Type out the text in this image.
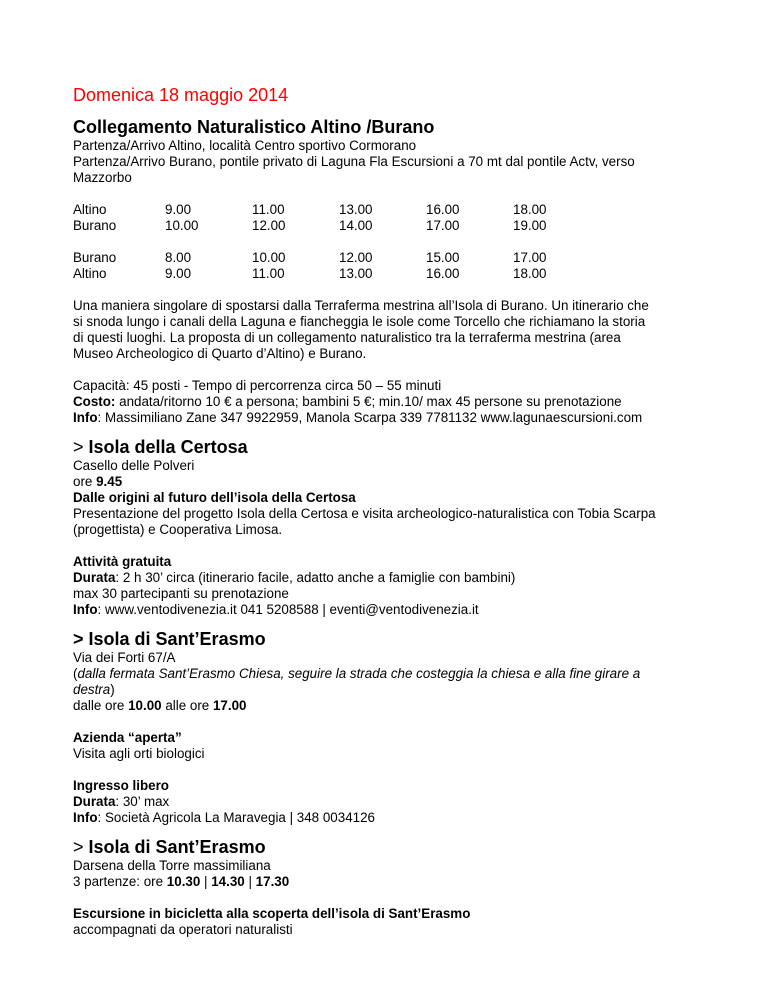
Domenica 18 maggio 2014
Collegamento Naturalistico Altino /Burano
Partenza/Arrivo Altino, località Centro sportivo Cormorano
Partenza/Arrivo Burano, pontile privato di Laguna Fla Escursioni a 70 mt dal pontile Actv, verso
Mazzorbo
Altino
Burano
9.00
10.00
11.00
12.00
13.00
14.00
16.00
17.00
18.00
19.00
Burano
Altino
8.00
9.00
10.00
11.00
12.00
13.00
15.00
16.00
17.00
18.00
Una maniera singolare di spostarsi dalla Terraferma mestrina all’Isola di Burano. Un itinerario che
si snoda lungo i canali della Laguna e fiancheggia le isole come Torcello che richiamano la storia
di questi luoghi. La proposta di un collegamento naturalistico tra la terraferma mestrina (area
Museo Archeologico di Quarto d’Altino) e Burano.
Capacità: 45 posti - Tempo di percorrenza circa 50 – 55 minuti
Costo: andata/ritorno 10 € a persona; bambini 5 €; min.10/ max 45 persone su prenotazione
Info: Massimiliano Zane 347 9922959, Manola Scarpa 339 7781132 www.lagunaescursioni.com
> Isola della Certosa
Casello delle Polveri
ore 9.45
Dalle origini al futuro dell’isola della Certosa
Presentazione del progetto Isola della Certosa e visita archeologico-naturalistica con Tobia Scarpa
(progettista) e Cooperativa Limosa.
Attività gratuita
Durata: 2 h 30’ circa (itinerario facile, adatto anche a famiglie con bambini)
max 30 partecipanti su prenotazione
Info: www.ventodivenezia.it 041 5208588 | eventi@ventodivenezia.it
> Isola di Sant’Erasmo
Via dei Forti 67/A
(dalla fermata Sant’Erasmo Chiesa, seguire la strada che costeggia la chiesa e alla fine girare a
destra)
dalle ore 10.00 alle ore 17.00
Azienda “aperta”
Visita agli orti biologici
Ingresso libero
Durata: 30’ max
Info: Società Agricola La Maravegia | 348 0034126
> Isola di Sant’Erasmo
Darsena della Torre massimiliana
3 partenze: ore 10.30 | 14.30 | 17.30
Escursione in bicicletta alla scoperta dell’isola di Sant’Erasmo
accompagnati da operatori naturalisti
